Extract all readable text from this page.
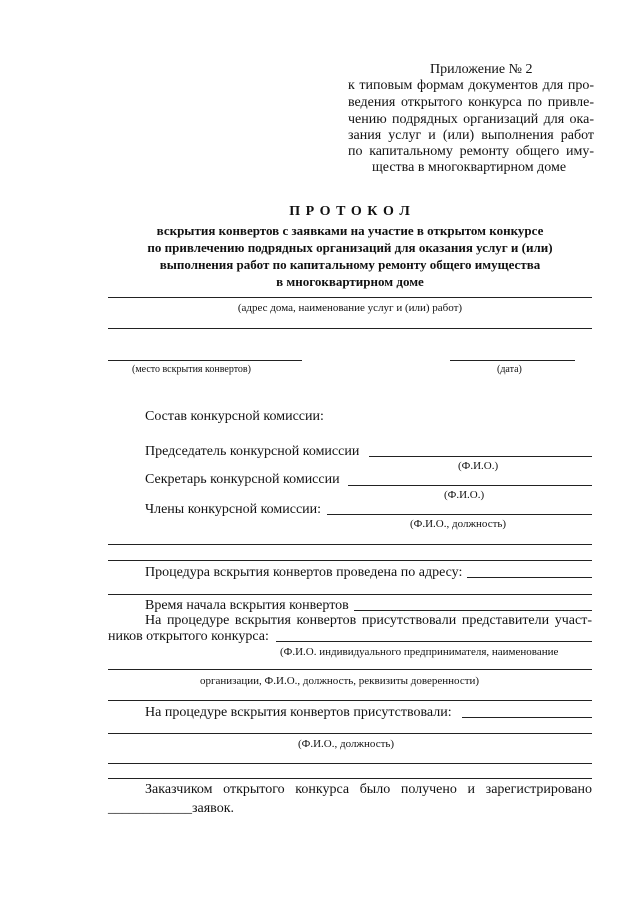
Приложение № 2
к типовым формам документов для про-
ведения открытого конкурса по привле-
чению подрядных организаций для ока-
зания услуг и (или) выполнения работ
по капитальному ремонту общего иму-
щества в многоквартирном доме
П Р О Т О К О Л
вскрытия конвертов с заявками на участие в открытом конкурсе
по привлечению подрядных организаций для оказания услуг и (или)
выполнения работ по капитальному ремонту общего имущества
в многоквартирном доме
(адрес дома, наименование услуг и (или) работ)
(место вскрытия конвертов)	(дата)
Состав конкурсной комиссии:
Председатель конкурсной комиссии
(Ф.И.О.)
Секретарь конкурсной комиссии
(Ф.И.О.)
Члены конкурсной комиссии:
(Ф.И.О., должность)
Процедура вскрытия конвертов проведена по адресу:
Время начала вскрытия конвертов
На процедуре вскрытия конвертов присутствовали представители участ-
ников открытого конкурса:
(Ф.И.О. индивидуального предпринимателя, наименование
организации, Ф.И.О., должность, реквизиты доверенности)
На процедуре вскрытия конвертов присутствовали:
(Ф.И.О., должность)
Заказчиком открытого конкурса было получено и зарегистрировано
____________ заявок.
